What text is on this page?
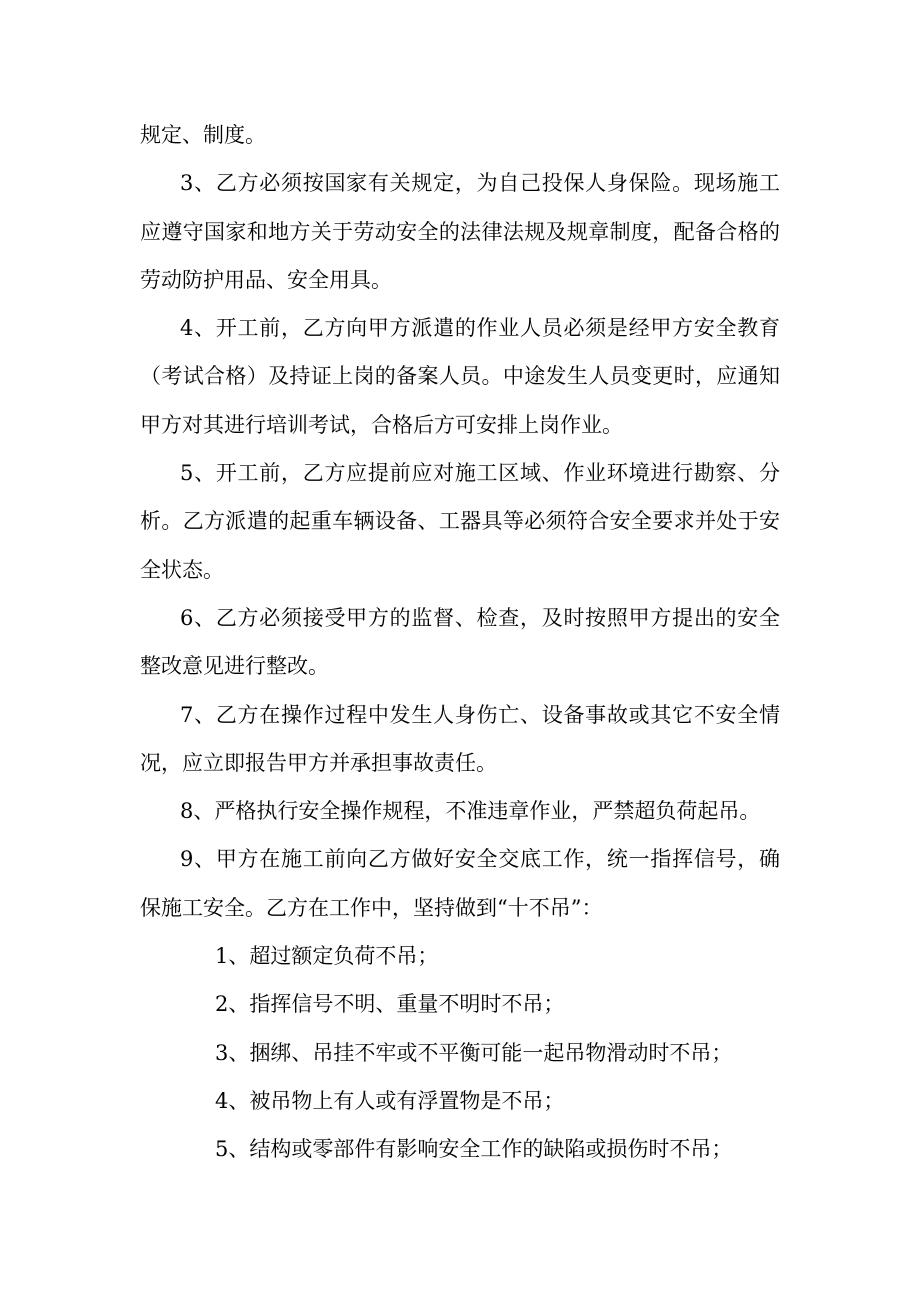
规定、制度。
3、乙方必须按国家有关规定，为自己投保人身保险。现场施工
应遵守国家和地方关于劳动安全的法律法规及规章制度，配备合格的
劳动防护用品、安全用具。
4、开工前，乙方向甲方派遣的作业人员必须是经甲方安全教育
（考试合格）及持证上岗的备案人员。中途发生人员变更时，应通知
甲方对其进行培训考试，合格后方可安排上岗作业。
5、开工前，乙方应提前应对施工区域、作业环境进行勘察、分
析。乙方派遣的起重车辆设备、工器具等必须符合安全要求并处于安
全状态。
6、乙方必须接受甲方的监督、检查，及时按照甲方提出的安全
整改意见进行整改。
7、乙方在操作过程中发生人身伤亡、设备事故或其它不安全情
况，应立即报告甲方并承担事故责任。
8、严格执行安全操作规程，不准违章作业，严禁超负荷起吊。
9、甲方在施工前向乙方做好安全交底工作，统一指挥信号，确
保施工安全。乙方在工作中，坚持做到“十不吊”：
1、超过额定负荷不吊；
2、指挥信号不明、重量不明时不吊；
3、捆绑、吊挂不牢或不平衡可能一起吊物滑动时不吊；
4、被吊物上有人或有浮置物是不吊；
5、结构或零部件有影响安全工作的缺陷或损伤时不吊；
